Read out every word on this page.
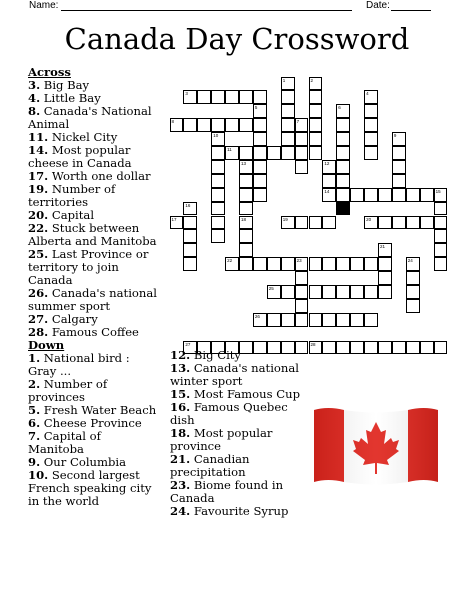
Name:	Date:
Canada Day Crossword
1	2
3	4
5	6
7
8
9
10
11
12
14
13
18
15
16
17	19	20
21
22	23	24
25
26
27	28
Across
3. Big Bay
4. Little Bay
8. Canada's National Animal
11. Nickel City
14. Most popular cheese in Canada
17. Worth one dollar
19. Number of territories
20. Capital
22. Stuck between Alberta and Manitoba
25. Last Province or territory to join Canada
26. Canada's national summer sport
27. Calgary
28. Famous Coffee
Down
1. National bird : Gray ...
2. Number of provinces
5. Fresh Water Beach
6. Cheese Province
7. Capital of Manitoba
9. Our Columbia
10. Second largest French speaking city in the world
12. Big City
13. Canada's national winter sport
15. Most Famous Cup
16. Famous Quebec dish
18. Most popular province
21. Canadian precipitation
23. Biome found in Canada
24. Favourite Syrup
